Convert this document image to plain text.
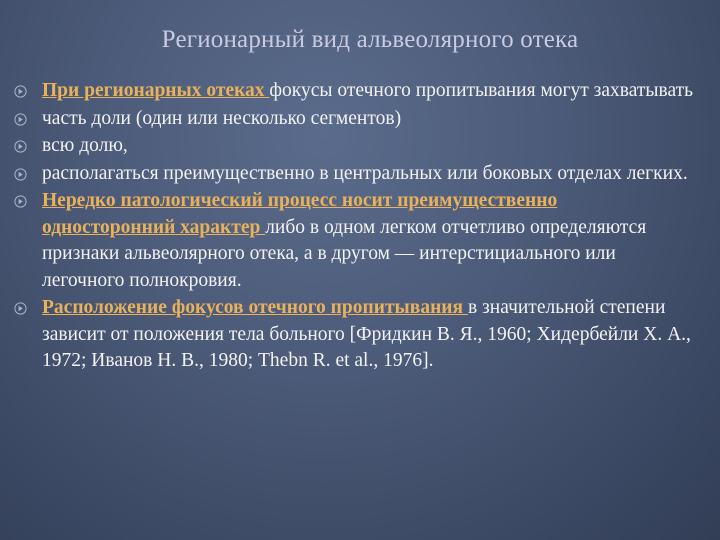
Регионарный вид альвеолярного отека
При регионарных отеках фокусы отечного пропитывания могут захватывать
часть доли (один или несколько сегментов)
всю долю,
располагаться преимущественно в центральных или боковых отделах легких.
Нередко патологический процесс носит преимущественно односторонний характер либо в одном легком отчетливо определяются признаки альвеолярного отека, а в другом — интерстициального или легочного полнокровия.
Расположение фокусов отечного пропитывания в значительной степени зависит от положения тела больного [Фридкин В. Я., 1960; Хидербейли X. А., 1972; Иванов Н. В., 1980; Thebn R. et al., 1976].
